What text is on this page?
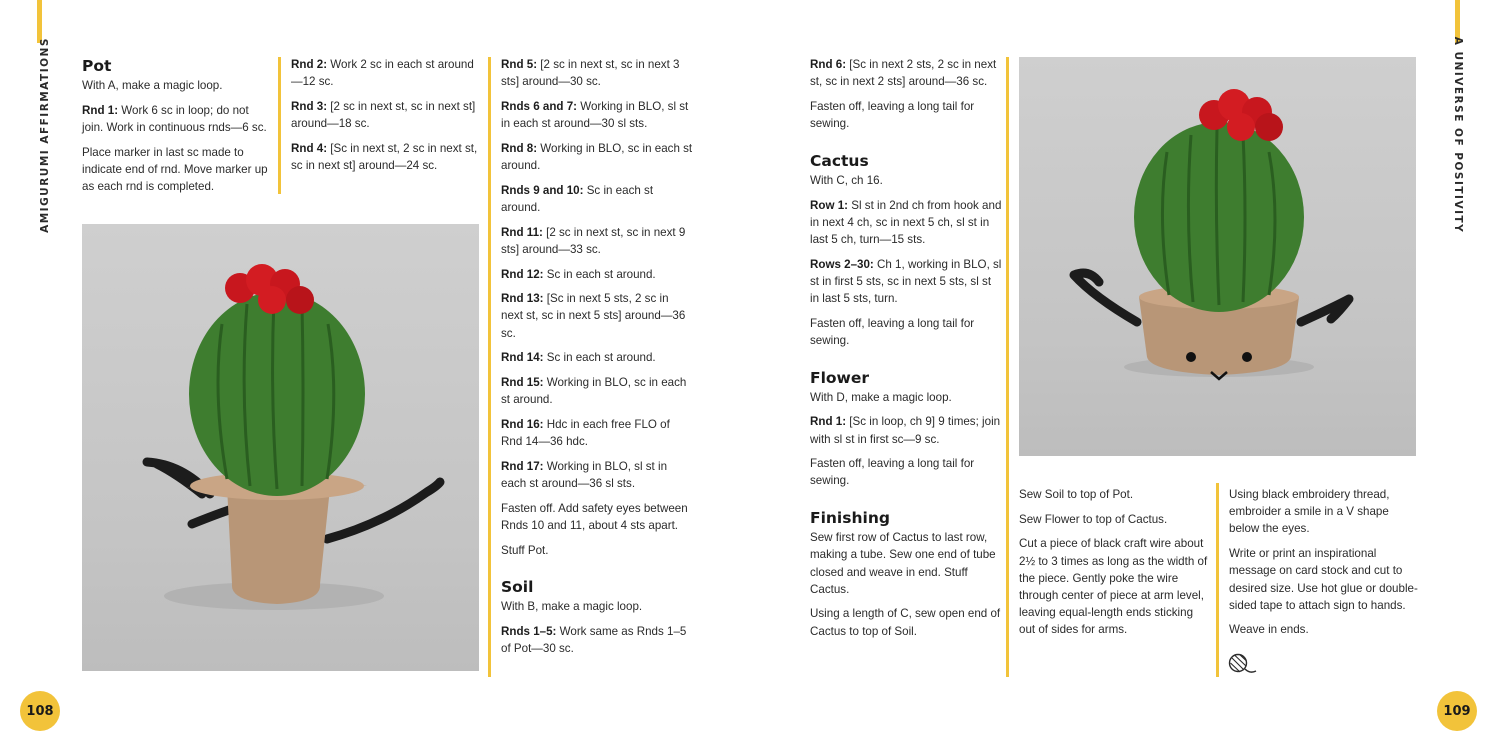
AMIGURUMI AFFIRMATIONS Pot

With A, make a magic loop.

Rnd 1: Work 6 sc in loop; do not join. Work in continuous rnds—6 sc.

Place marker in last sc made to indicate end of rnd. Move marker up as each rnd is completed.

Rnd 2: Work 2 sc in each st around—12 sc.

Rnd 3: [2 sc in next st, sc in next st] around—18 sc.

Rnd 4: [Sc in next st, 2 sc in next st, sc in next st] around—24 sc.

Rnd 5: [2 sc in next st, sc in next 3 sts] around—30 sc.

Rnds 6 and 7: Working in BLO, sl st in each st around—30 sl sts.

Rnd 8: Working in BLO, sc in each st around.

Rnds 9 and 10: Sc in each st around.

Rnd 11: [2 sc in next st, sc in next 9 sts] around—33 sc.

Rnd 12: Sc in each st around.

Rnd 13: [Sc in next 5 sts, 2 sc in next st, sc in next 5 sts] around—36 sc.

Rnd 14: Sc in each st around.

Rnd 15: Working in BLO, sc in each st around.

Rnd 16: Hdc in each free FLO of Rnd 14—36 hdc.

Rnd 17: Working in BLO, sl st in each st around—36 sl sts.

Fasten off. Add safety eyes between Rnds 10 and 11, about 4 sts apart.

Stuff Pot.

Soil

With B, make a magic loop.

Rnds 1–5: Work same as Rnds 1–5 of Pot—30 sc.

108

Rnd 6: [Sc in next 2 sts, 2 sc in next st, sc in next 2 sts] around—36 sc.

Fasten off, leaving a long tail for sewing.

Cactus

With C, ch 16.

Row 1: Sl st in 2nd ch from hook and in next 4 ch, sc in next 5 ch, sl st in last 5 ch, turn—15 sts.

Rows 2–30: Ch 1, working in BLO, sl st in first 5 sts, sc in next 5 sts, sl st in last 5 sts, turn.

Fasten off, leaving a long tail for sewing.

Flower

With D, make a magic loop.

Rnd 1: [Sc in loop, ch 9] 9 times; join with sl st in first sc—9 sc.

Fasten off, leaving a long tail for sewing.

Finishing

Sew first row of Cactus to last row, making a tube. Sew one end of tube closed and weave in end. Stuff Cactus.

Using a length of C, sew open end of Cactus to top of Soil.

Sew Soil to top of Pot.

Sew Flower to top of Cactus.

Cut a piece of black craft wire about 2½ to 3 times as long as the width of the piece. Gently poke the wire through center of piece at arm level, leaving equal-length ends sticking out of sides for arms.

Using black embroidery thread, embroider a smile in a V shape below the eyes.

Write or print an inspirational message on card stock and cut to desired size. Use hot glue or double-sided tape to attach sign to hands.

Weave in ends.

A UNIVERSE OF POSITIVITY
109
